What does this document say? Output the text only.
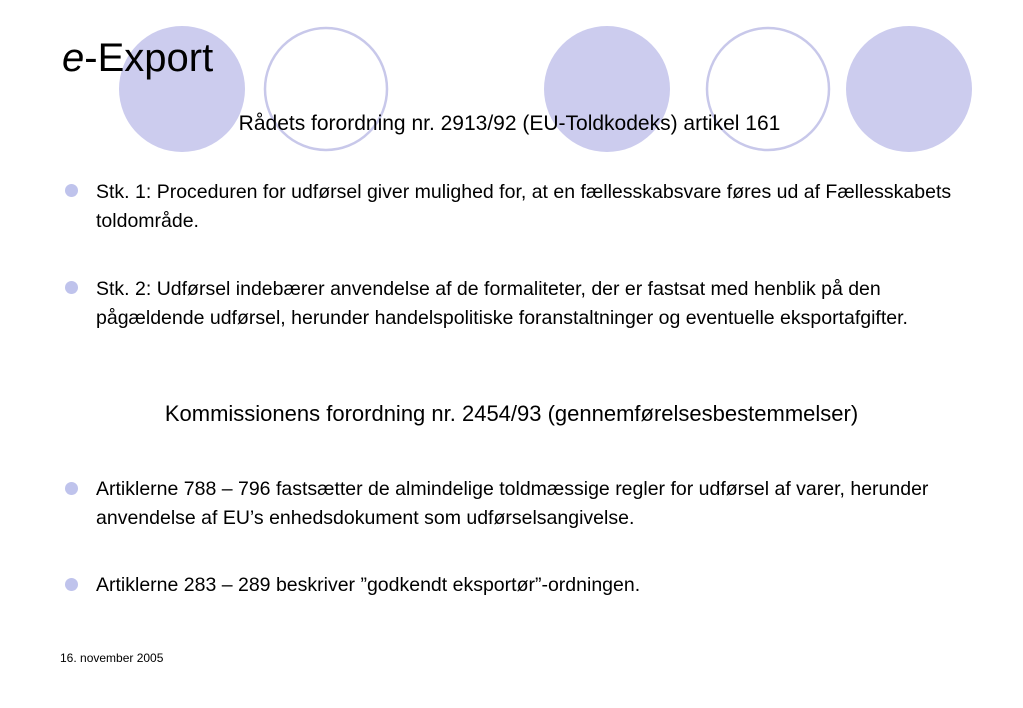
e-Export
Rådets forordning nr. 2913/92 (EU-Toldkodeks) artikel 161
Stk. 1: Proceduren for udførsel giver mulighed for, at en fællesskabsvare føres ud af Fællesskabets toldområde.
Stk. 2: Udførsel indebærer anvendelse af de formaliteter, der er fastsat med henblik på den pågældende udførsel, herunder handelspolitiske foranstaltninger og eventuelle eksportafgifter.
Kommissionens forordning nr. 2454/93 (gennemførelsesbestemmelser)
Artiklerne 788 – 796 fastsætter de almindelige toldmæssige regler for udførsel af varer, herunder anvendelse af EU’s enhedsdokument som udførselsangivelse.
Artiklerne 283 – 289 beskriver ”godkendt eksportør”-ordningen.
16. november 2005
